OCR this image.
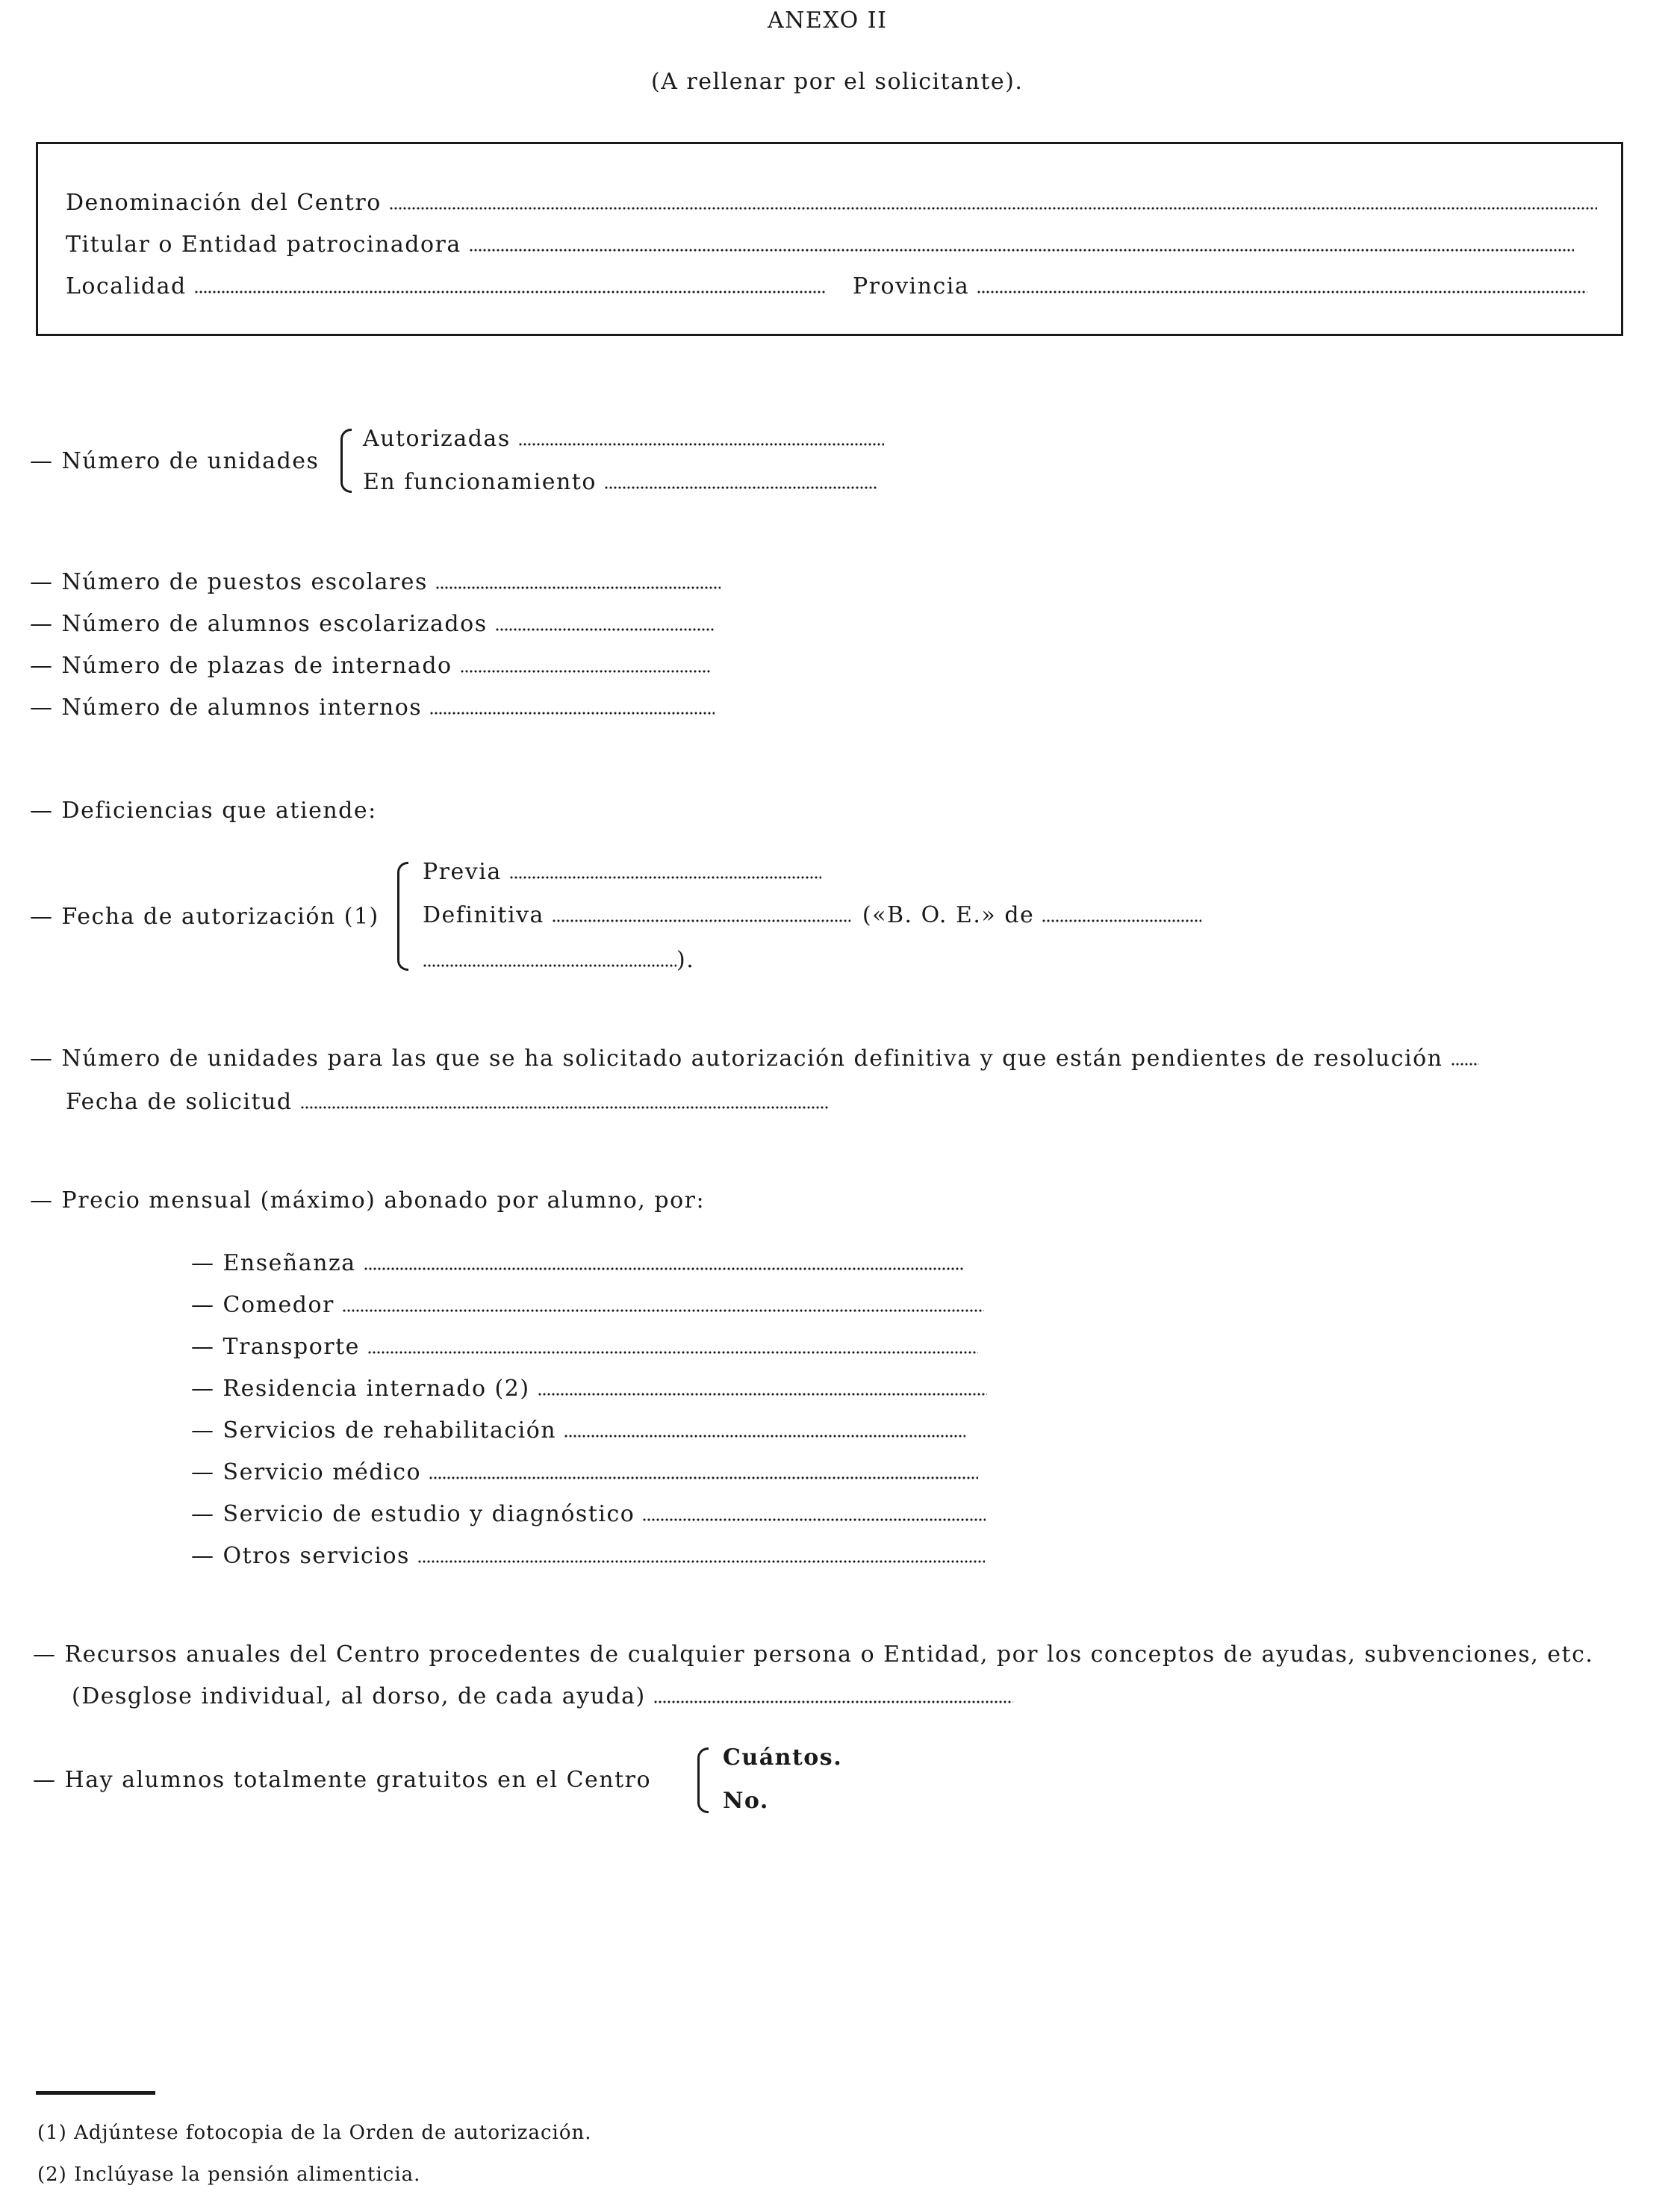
ANEXO II
(A rellenar por el solicitante).
Denominación del Centro
Titular o Entidad patrocinadora
Localidad	Provincia
— Número de unidades
Autorizadas
En funcionamiento
— Número de puestos escolares
— Número de alumnos escolarizados
— Número de plazas de internado
— Número de alumnos internos
— Deficiencias que atiende:
— Fecha de autorización (1)
Previa
Definitiva	(«B. O. E.» de
).
— Número de unidades para las que se ha solicitado autorización definitiva y que están pendientes de resolución
Fecha de solicitud
— Precio mensual (máximo) abonado por alumno, por:
— Enseñanza
— Comedor
— Transporte
— Residencia internado (2)
— Servicios de rehabilitación
— Servicio médico
— Servicio de estudio y diagnóstico
— Otros servicios
— Recursos anuales del Centro procedentes de cualquier persona o Entidad, por los conceptos de ayudas, subvenciones, etc.
(Desglose individual, al dorso, de cada ayuda)
— Hay alumnos totalmente gratuitos en el Centro
Cuántos.
No.
(1) Adjúntese fotocopia de la Orden de autorización.
(2) Inclúyase la pensión alimenticia.
